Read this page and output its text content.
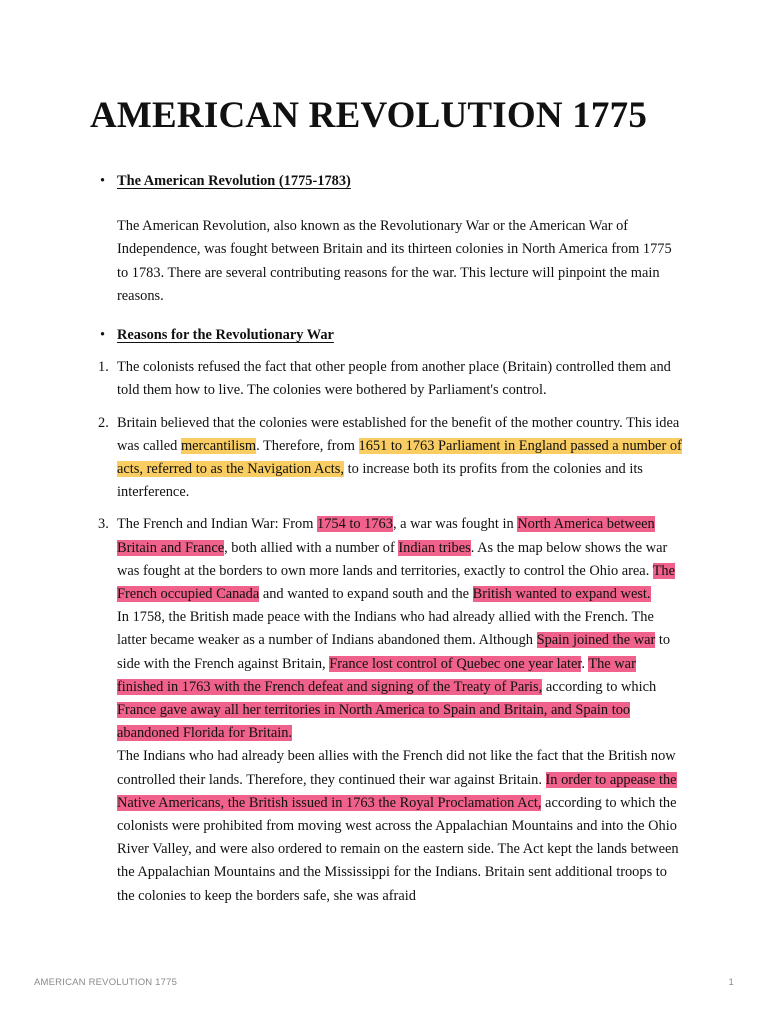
AMERICAN REVOLUTION 1775

• The American Revolution (1775-1783)

The American Revolution, also known as the Revolutionary War or the American War of Independence, was fought between Britain and its thirteen colonies in North America from 1775 to 1783. There are several contributing reasons for the war. This lecture will pinpoint the main reasons.

• Reasons for the Revolutionary War

1. The colonists refused the fact that other people from another place (Britain) controlled them and told them how to live. The colonies were bothered by Parliament's control.
2. Britain believed that the colonies were established for the benefit of the mother country. This idea was called mercantilism. Therefore, from 1651 to 1763 Parliament in England passed a number of acts, referred to as the Navigation Acts, to increase both its profits from the colonies and its interference.
3. The French and Indian War: From 1754 to 1763, a war was fought in North America between Britain and France, both allied with a number of Indian tribes. As the map below shows the war was fought at the borders to own more lands and territories, exactly to control the Ohio area. The French occupied Canada and wanted to expand south and the British wanted to expand west.
In 1758, the British made peace with the Indians who had already allied with the French. The latter became weaker as a number of Indians abandoned them. Although Spain joined the war to side with the French against Britain, France lost control of Quebec one year later. The war finished in 1763 with the French defeat and signing of the Treaty of Paris, according to which France gave away all her territories in North America to Spain and Britain, and Spain too abandoned Florida for Britain.
The Indians who had already been allies with the French did not like the fact that the British now controlled their lands. Therefore, they continued their war against Britain. In order to appease the Native Americans, the British issued in 1763 the Royal Proclamation Act, according to which the colonists were prohibited from moving west across the Appalachian Mountains and into the Ohio River Valley, and were also ordered to remain on the eastern side. The Act kept the lands between the Appalachian Mountains and the Mississippi for the Indians. Britain sent additional troops to the colonies to keep the borders safe, she was afraid
AMERICAN REVOLUTION 1775	1
